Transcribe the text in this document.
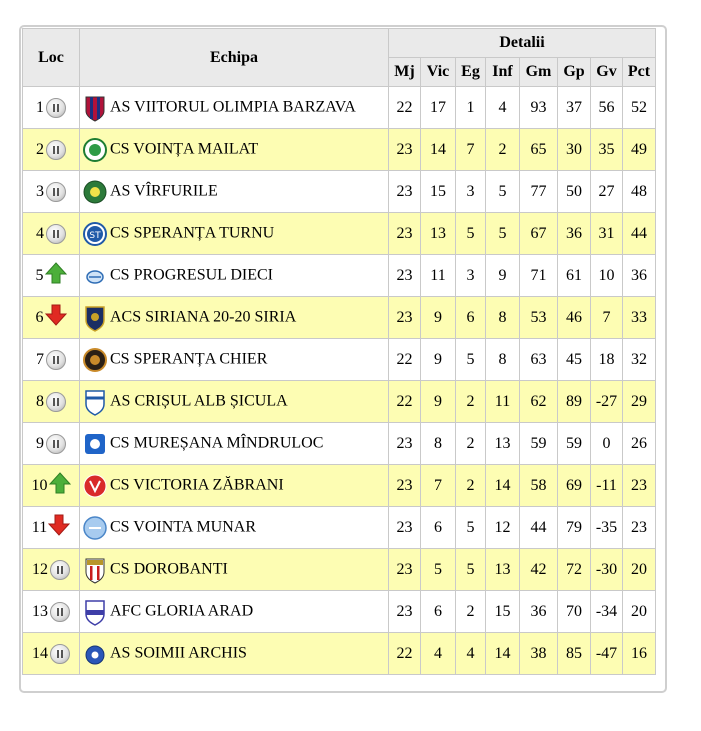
Loc	Echipa	Detalii							
		Mj	Vic	Eg	Inf	Gm	Gp	Gv	Pct
1	AS VIITORUL OLIMPIA BARZAVA	22	17	1	4	93	37	56	52
2	CS VOINȚA MAILAT	23	14	7	2	65	30	35	49
3	AS VÎRFURILE	23	15	3	5	77	50	27	48
4	ST CS SPERANȚA TURNU	23	13	5	5	67	36	31	44
5	CS PROGRESUL DIECI	23	11	3	9	71	61	10	36
6	ACS SIRIANA 20-20 SIRIA	23	9	6	8	53	46	7	33
7	CS SPERANȚA CHIER	22	9	5	8	63	45	18	32
8	AS CRIȘUL ALB ȘICULA	22	9	2	11	62	89	-27	29
9	CS MUREȘANA MÎNDRULOC	23	8	2	13	59	59	0	26
10	CS VICTORIA ZĂBRANI	23	7	2	14	58	69	-11	23
11	CS VOINTA MUNAR	23	6	5	12	44	79	-35	23
12	CS DOROBANTI	23	5	5	13	42	72	-30	20
13	AFC GLORIA ARAD	23	6	2	15	36	70	-34	20
14	AS SOIMII ARCHIS	22	4	4	14	38	85	-47	16
